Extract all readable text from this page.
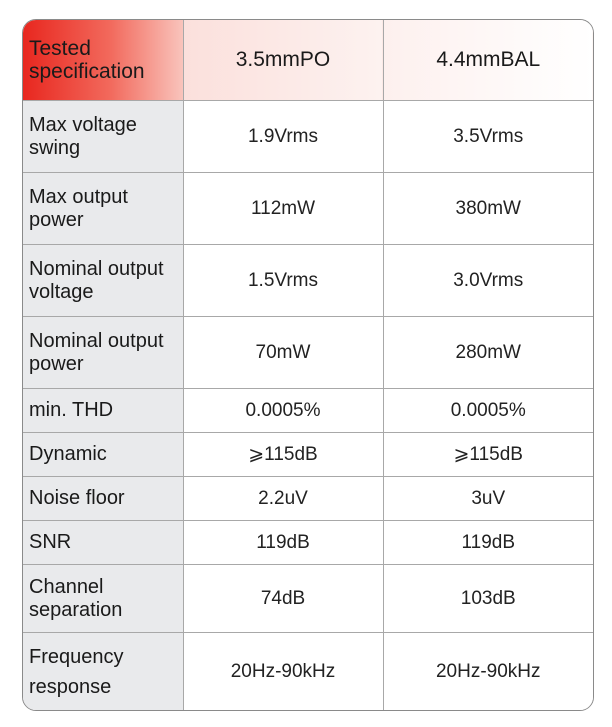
Tested specification	3.5mmPO	4.4mmBAL
Max voltage swing	1.9Vrms	3.5Vrms
Max output power	112mW	380mW
Nominal output voltage	1.5Vrms	3.0Vrms
Nominal output power	70mW	280mW
min. THD	0.0005%	0.0005%
Dynamic	⩾115dB	⩾115dB
Noise floor	2.2uV	3uV
SNR	119dB	119dB
Channel separation	74dB	103dB
Frequency response	20Hz-90kHz	20Hz-90kHz
